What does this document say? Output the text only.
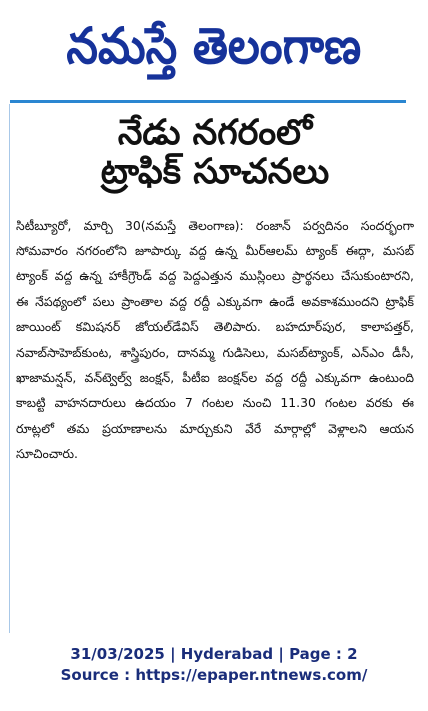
నమస్తే తెలంగాణ
నేడు నగరంలో
ట్రాఫిక్ సూచనలు
సిటీబ్యూరో, మార్చి 30(నమస్తే తెలంగాణ): రంజాన్ పర్వదినం సందర్భంగా సోమవారం నగరంలోని జూపార్కు వద్ద ఉన్న మీర్‌ఆలమ్ ట్యాంక్ ఈద్గా, మసబ్ ట్యాంక్ వద్ద ఉన్న హాకీగ్రౌండ్ వద్ద పెద్దఎత్తున ముస్లింలు ప్రార్థనలు చేసుకుంటారని, ఈ నేపథ్యంలో పలు ప్రాంతాల వద్ద రద్దీ ఎక్కువగా ఉండే అవకాశముందని ట్రాఫిక్ జాయింట్ కమిషనర్ జోయల్‌డేవిస్ తెలిపారు. బహదూర్‌పుర, కాలాపత్తర్, నవాబ్‌సాహెబ్‌కుంట, శాస్త్రిపురం, దానమ్మ గుడిసెలు, మసబ్‌ట్యాంక్, ఎన్‌ఎం డీసీ, ఖాజామన్షన్, వన్‌ట్వెల్వ్ జంక్షన్, పీటీఐ జంక్షన్‌ల వద్ద రద్దీ ఎక్కువగా ఉంటుంది కాబట్టి వాహనదారులు ఉదయం 7 గంటల నుంచి 11.30 గంటల వరకు ఈ రూట్లలో తమ ప్రయాణాలను మార్చుకుని వేరే మార్గాల్లో వెళ్లాలని ఆయన సూచించారు.
31/03/2025 | Hyderabad | Page : 2
Source : https://epaper.ntnews.com/
